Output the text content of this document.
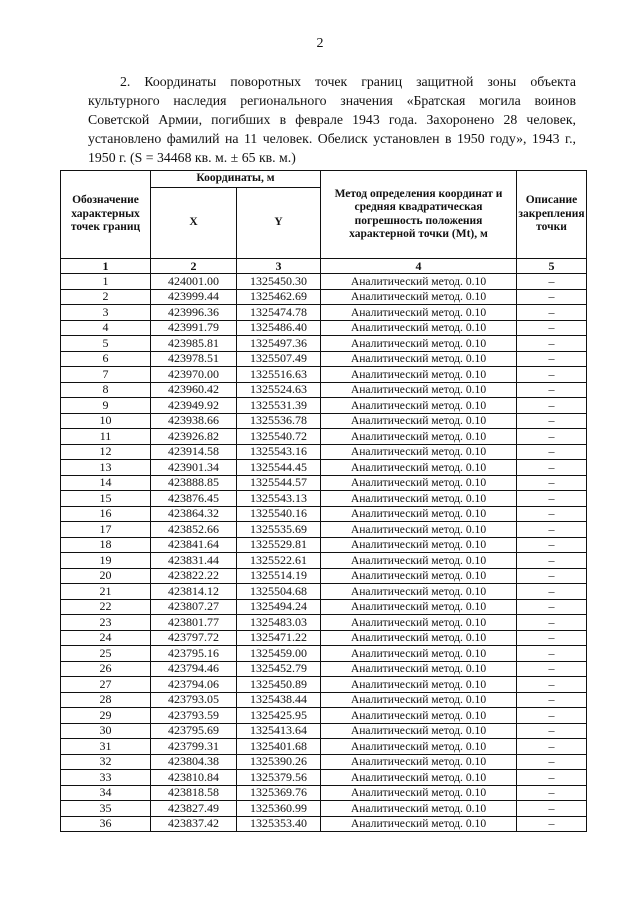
2
2. Координаты поворотных точек границ защитной зоны объекта культурного наследия регионального значения «Братская могила воинов Советской Армии, погибших в феврале 1943 года. Захоронено 28 человек, установлено фамилий на 11 человек. Обелиск установлен в 1950 году», 1943 г., 1950 г. (S = 34468 кв. м. ± 65 кв. м.)
Обозначение характерных точек границ	Координаты, м		Метод определения координат и средняя квадратическая погрешность положения характерной точки (Mt), м	Описание закрепления точки
	X	Y		
1	2	3	4	5
1	424001.00	1325450.30	Аналитический метод. 0.10	–
2	423999.44	1325462.69	Аналитический метод. 0.10	–
3	423996.36	1325474.78	Аналитический метод. 0.10	–
4	423991.79	1325486.40	Аналитический метод. 0.10	–
5	423985.81	1325497.36	Аналитический метод. 0.10	–
6	423978.51	1325507.49	Аналитический метод. 0.10	–
7	423970.00	1325516.63	Аналитический метод. 0.10	–
8	423960.42	1325524.63	Аналитический метод. 0.10	–
9	423949.92	1325531.39	Аналитический метод. 0.10	–
10	423938.66	1325536.78	Аналитический метод. 0.10	–
11	423926.82	1325540.72	Аналитический метод. 0.10	–
12	423914.58	1325543.16	Аналитический метод. 0.10	–
13	423901.34	1325544.45	Аналитический метод. 0.10	–
14	423888.85	1325544.57	Аналитический метод. 0.10	–
15	423876.45	1325543.13	Аналитический метод. 0.10	–
16	423864.32	1325540.16	Аналитический метод. 0.10	–
17	423852.66	1325535.69	Аналитический метод. 0.10	–
18	423841.64	1325529.81	Аналитический метод. 0.10	–
19	423831.44	1325522.61	Аналитический метод. 0.10	–
20	423822.22	1325514.19	Аналитический метод. 0.10	–
21	423814.12	1325504.68	Аналитический метод. 0.10	–
22	423807.27	1325494.24	Аналитический метод. 0.10	–
23	423801.77	1325483.03	Аналитический метод. 0.10	–
24	423797.72	1325471.22	Аналитический метод. 0.10	–
25	423795.16	1325459.00	Аналитический метод. 0.10	–
26	423794.46	1325452.79	Аналитический метод. 0.10	–
27	423794.06	1325450.89	Аналитический метод. 0.10	–
28	423793.05	1325438.44	Аналитический метод. 0.10	–
29	423793.59	1325425.95	Аналитический метод. 0.10	–
30	423795.69	1325413.64	Аналитический метод. 0.10	–
31	423799.31	1325401.68	Аналитический метод. 0.10	–
32	423804.38	1325390.26	Аналитический метод. 0.10	–
33	423810.84	1325379.56	Аналитический метод. 0.10	–
34	423818.58	1325369.76	Аналитический метод. 0.10	–
35	423827.49	1325360.99	Аналитический метод. 0.10	–
36	423837.42	1325353.40	Аналитический метод. 0.10	–
